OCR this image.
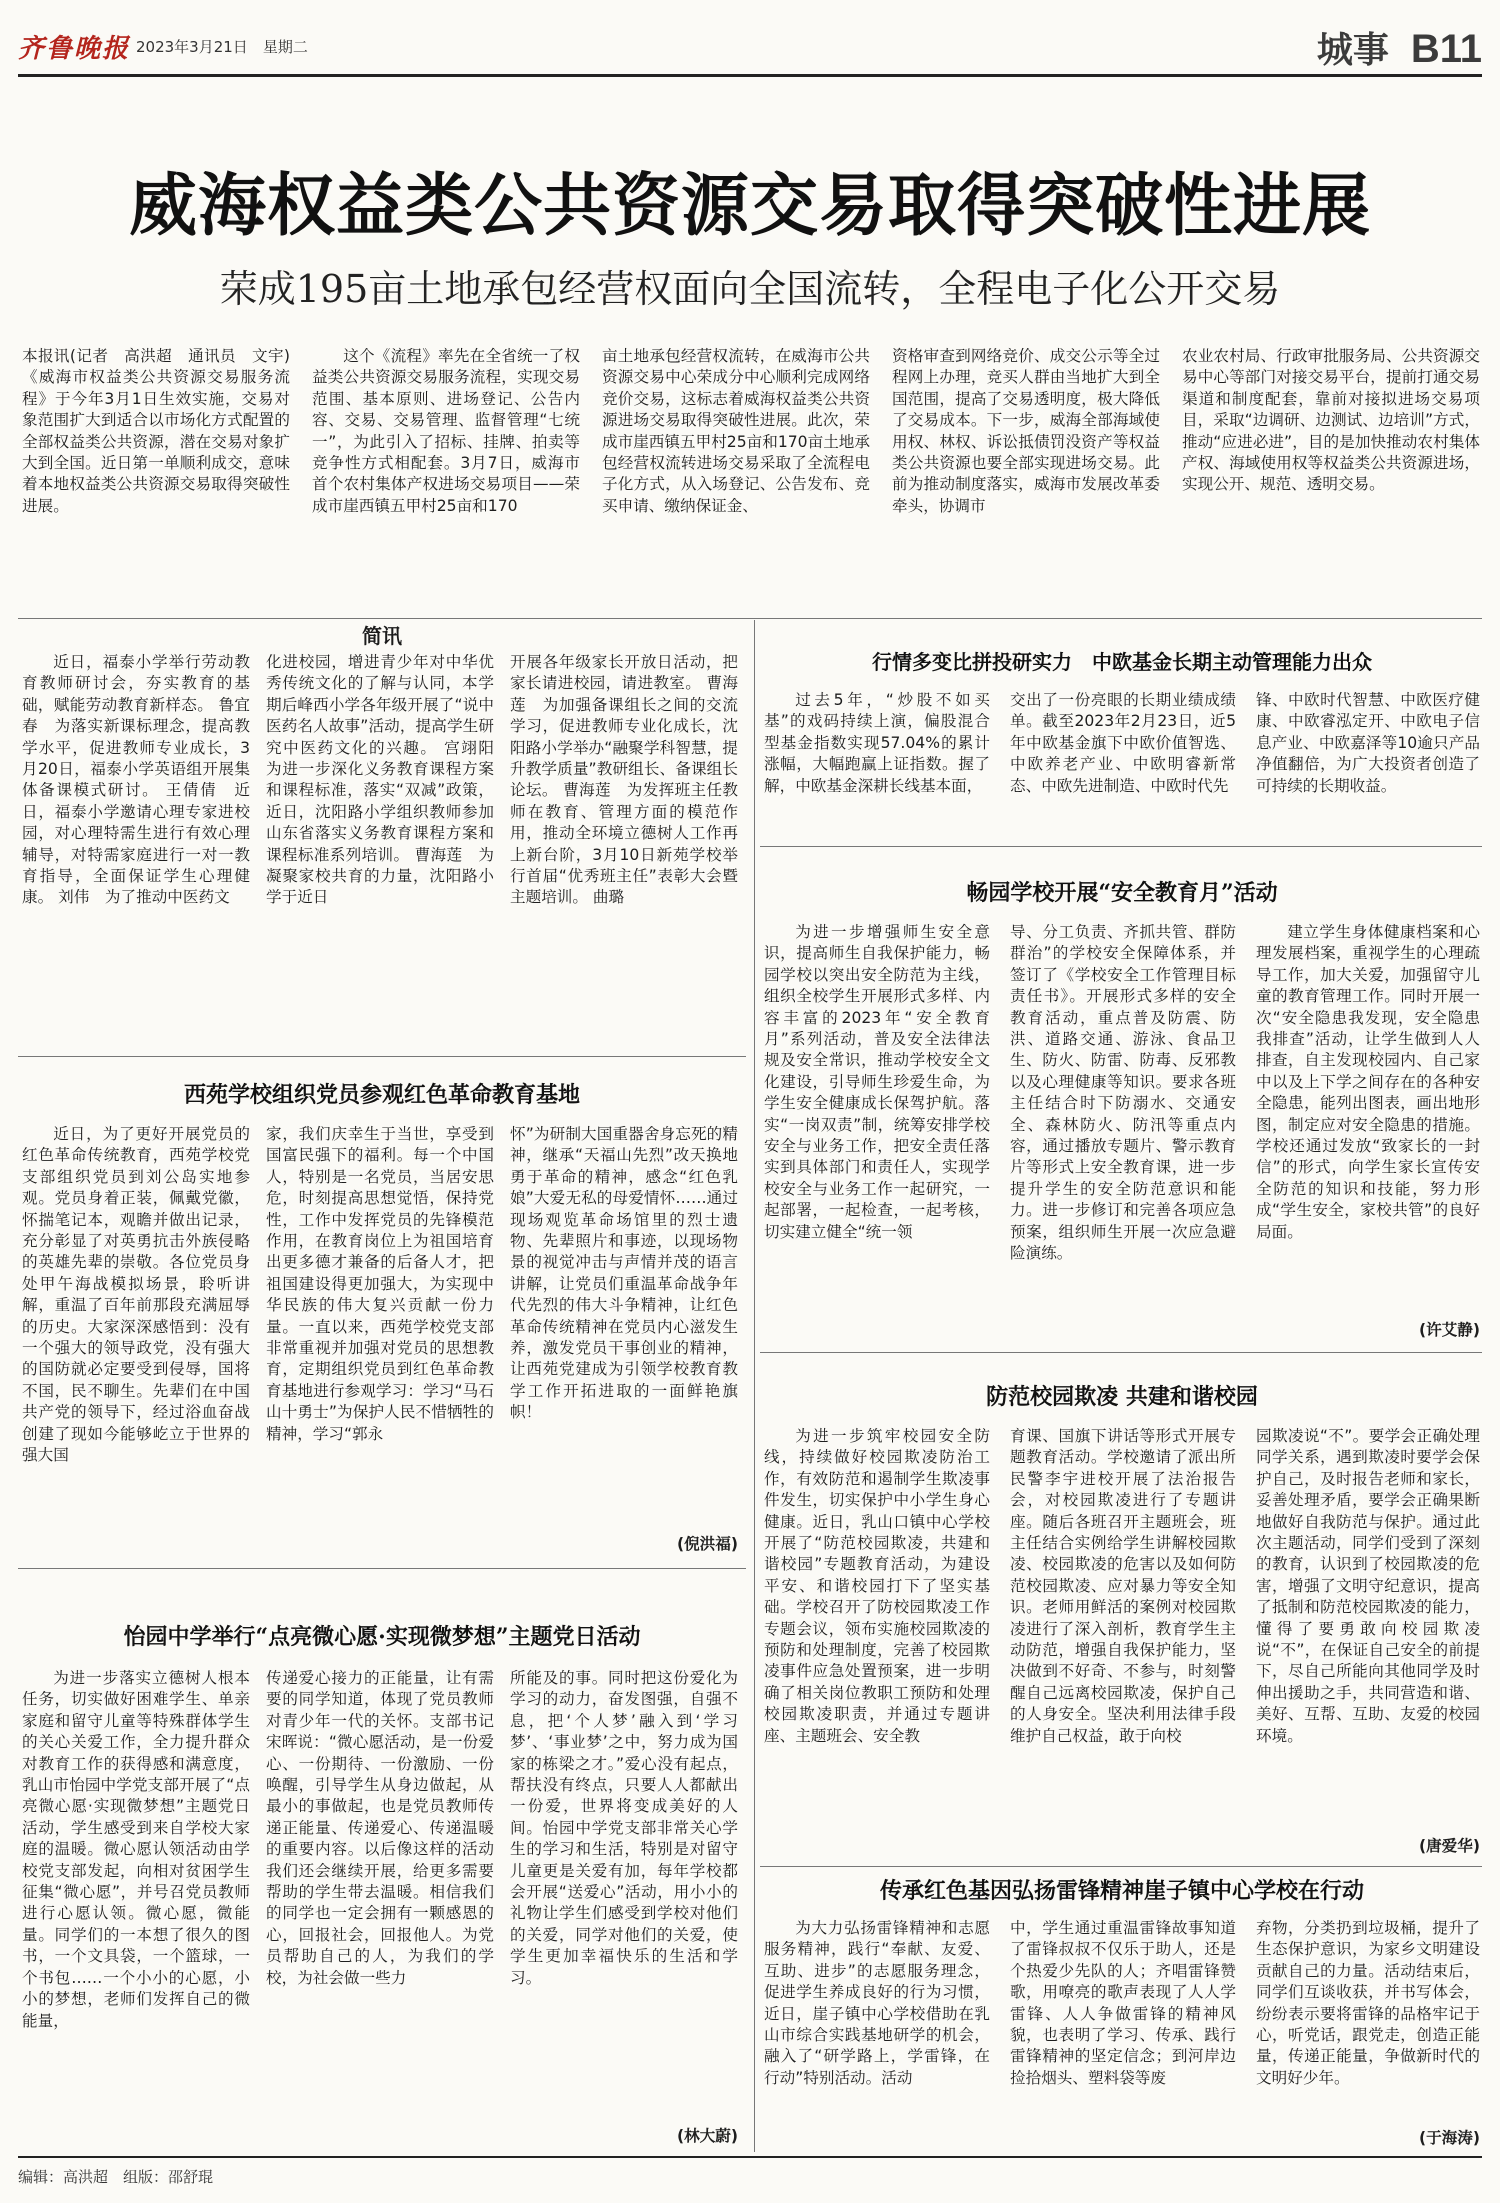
齐鲁晚报 2023年3月21日　 星期二	城事 B11
威海权益类公共资源交易取得突破性进展
荣成195亩土地承包经营权面向全国流转，全程电子化公开交易

本报讯(记者　高洪超　通讯员　文宇)《威海市权益类公共资源交易服务流程》于今年3月1日生效实施，交易对象范围扩大到适合以市场化方式配置的全部权益类公共资源，潜在交易对象扩大到全国。近日第一单顺利成交，意味着本地权益类公共资源交易取得突破性进展。

这个《流程》率先在全省统一了权益类公共资源交易服务流程，实现交易范围、基本原则、进场登记、公告内容、交易、交易管理、监督管理“七统一”，为此引入了招标、挂牌、拍卖等竞争性方式相配套。3月7日，威海市首个农村集体产权进场交易项目——荣成市崖西镇五甲村25亩和170

亩土地承包经营权流转，在威海市公共资源交易中心荣成分中心顺利完成网络竞价交易，这标志着威海权益类公共资源进场交易取得突破性进展。此次，荣成市崖西镇五甲村25亩和170亩土地承包经营权流转进场交易采取了全流程电子化方式，从入场登记、公告发布、竞买申请、缴纳保证金、

资格审查到网络竞价、成交公示等全过程网上办理，竞买人群由当地扩大到全国范围，提高了交易透明度，极大降低了交易成本。下一步，威海全部海域使用权、林权、诉讼抵债罚没资产等权益类公共资源也要全部实现进场交易。此前为推动制度落实，威海市发展改革委牵头，协调市

农业农村局、行政审批服务局、公共资源交易中心等部门对接交易平台，提前打通交易渠道和制度配套，靠前对接拟进场交易项目，采取“边调研、边测试、边培训”方式，推动“应进必进”，目的是加快推动农村集体产权、海域使用权等权益类公共资源进场，实现公开、规范、透明交易。

简讯

近日，福泰小学举行劳动教育教师研讨会，夯实教育的基础，赋能劳动教育新样态。 鲁宜春　为落实新课标理念，提高教学水平，促进教师专业成长，3月20日，福泰小学英语组开展集体备课模式研讨。 王倩倩　近日，福泰小学邀请心理专家进校园，对心理特需生进行有效心理辅导，对特需家庭进行一对一教育指导，全面保证学生心理健康。 刘伟　为了推动中医药文

化进校园，增进青少年对中华优秀传统文化的了解与认同，本学期后峰西小学各年级开展了“说中医药名人故事”活动，提高学生研究中医药文化的兴趣。 宫翊阳　为进一步深化义务教育课程方案和课程标准，落实“双减”政策，近日，沈阳路小学组织教师参加山东省落实义务教育课程方案和课程标准系列培训。 曹海莲　为凝聚家校共育的力量，沈阳路小学于近日

开展各年级家长开放日活动，把家长请进校园，请进教室。 曹海莲　为加强备课组长之间的交流学习，促进教师专业化成长，沈阳路小学举办“融聚学科智慧，提升教学质量”教研组长、备课组长论坛。 曹海莲　为发挥班主任教师在教育、管理方面的模范作用，推动全环境立德树人工作再上新台阶，3月10日新苑学校举行首届“优秀班主任”表彰大会暨主题培训。 曲璐

西苑学校组织党员参观红色革命教育基地

近日，为了更好开展党员的红色革命传统教育，西苑学校党支部组织党员到刘公岛实地参观。党员身着正装，佩戴党徽，怀揣笔记本，观瞻并做出记录，充分彰显了对英勇抗击外族侵略的英雄先辈的崇敬。各位党员身处甲午海战模拟场景，聆听讲解，重温了百年前那段充满屈辱的历史。大家深深感悟到：没有一个强大的领导政党，没有强大的国防就必定要受到侵辱，国将不国，民不聊生。先辈们在中国共产党的领导下，经过浴血奋战创建了现如今能够屹立于世界的强大国

家，我们庆幸生于当世，享受到国富民强下的福利。每一个中国人，特别是一名党员，当居安思危，时刻提高思想觉悟，保持党性，工作中发挥党员的先锋模范作用，在教育岗位上为祖国培育出更多德才兼备的后备人才，把祖国建设得更加强大，为实现中华民族的伟大复兴贡献一份力量。一直以来，西苑学校党支部非常重视并加强对党员的思想教育，定期组织党员到红色革命教育基地进行参观学习：学习“马石山十勇士”为保护人民不惜牺牲的精神，学习“郭永

怀”为研制大国重器舍身忘死的精神，继承“天福山先烈”改天换地勇于革命的精神，感念“红色乳娘”大爱无私的母爱情怀……通过现场观览革命场馆里的烈士遗物、先辈照片和事迹，以现场物景的视觉冲击与声情并茂的语言讲解，让党员们重温革命战争年代先烈的伟大斗争精神，让红色革命传统精神在党员内心滋发生养，激发党员干事创业的精神，让西苑党建成为引领学校教育教学工作开拓进取的一面鲜艳旗帜！

(倪洪福)
怡园中学举行“点亮微心愿·实现微梦想”主题党日活动

为进一步落实立德树人根本任务，切实做好困难学生、单亲家庭和留守儿童等特殊群体学生的关心关爱工作，全力提升群众对教育工作的获得感和满意度，乳山市怡园中学党支部开展了“点亮微心愿·实现微梦想”主题党日活动，学生感受到来自学校大家庭的温暖。微心愿认领活动由学校党支部发起，向相对贫困学生征集“微心愿”，并号召党员教师进行心愿认领。微心愿，微能量。同学们的一本想了很久的图书，一个文具袋，一个篮球，一个书包……一个小小的心愿，小小的梦想，老师们发挥自己的微能量，

传递爱心接力的正能量，让有需要的同学知道，体现了党员教师对青少年一代的关怀。支部书记宋晖说：“微心愿活动，是一份爱心、一份期待、一份激励、一份唤醒，引导学生从身边做起，从最小的事做起，也是党员教师传递正能量、传递爱心、传递温暖的重要内容。以后像这样的活动我们还会继续开展，给更多需要帮助的学生带去温暖。相信我们的同学也一定会拥有一颗感恩的心，回报社会，回报他人。为党员帮助自己的人，为我们的学校，为社会做一些力

所能及的事。同时把这份爱化为学习的动力，奋发图强，自强不息，把‘个人梦’融入到‘学习梦’、‘事业梦’之中，努力成为国家的栋梁之才。”爱心没有起点，帮扶没有终点，只要人人都献出一份爱，世界将变成美好的人间。怡园中学党支部非常关心学生的学习和生活，特别是对留守儿童更是关爱有加，每年学校都会开展“送爱心”活动，用小小的礼物让学生们感受到学校对他们的关爱，同学对他们的关爱，使学生更加幸福快乐的生活和学习。

(林大蔚)
行情多变比拼投研实力　中欧基金长期主动管理能力出众

过去5年，“炒股不如买基”的戏码持续上演，偏股混合型基金指数实现57.04%的累计涨幅，大幅跑赢上证指数。握了解，中欧基金深耕长线基本面，

交出了一份亮眼的长期业绩成绩单。截至2023年2月23日，近5年中欧基金旗下中欧价值智选、中欧养老产业、中欧明睿新常态、中欧先进制造、中欧时代先

锋、中欧时代智慧、中欧医疗健康、中欧睿泓定开、中欧电子信息产业、中欧嘉泽等10逾只产品净值翻倍，为广大投资者创造了可持续的长期收益。

畅园学校开展“安全教育月”活动

为进一步增强师生安全意识，提高师生自我保护能力，畅园学校以突出安全防范为主线，组织全校学生开展形式多样、内容丰富的2023年“安全教育月”系列活动，普及安全法律法规及安全常识，推动学校安全文化建设，引导师生珍爱生命，为学生安全健康成长保驾护航。落实“一岗双责”制，统筹安排学校安全与业务工作，把安全责任落实到具体部门和责任人，实现学校安全与业务工作一起研究，一起部署，一起检查，一起考核，切实建立健全“统一领

导、分工负责、齐抓共管、群防群治”的学校安全保障体系，并签订了《学校安全工作管理目标责任书》。开展形式多样的安全教育活动，重点普及防震、防洪、道路交通、游泳、食品卫生、防火、防雷、防毒、反邪教以及心理健康等知识。要求各班主任结合时下防溺水、交通安全、森林防火、防汛等重点内容，通过播放专题片、警示教育片等形式上安全教育课，进一步提升学生的安全防范意识和能力。进一步修订和完善各项应急预案，组织师生开展一次应急避险演练。

建立学生身体健康档案和心理发展档案，重视学生的心理疏导工作，加大关爱，加强留守儿童的教育管理工作。同时开展一次“安全隐患我发现，安全隐患我排查”活动，让学生做到人人排查，自主发现校园内、自己家中以及上下学之间存在的各种安全隐患，能列出图表，画出地形图，制定应对安全隐患的措施。学校还通过发放“致家长的一封信”的形式，向学生家长宣传安全防范的知识和技能，努力形成“学生安全，家校共管”的良好局面。

(许艾静)
防范校园欺凌 共建和谐校园

为进一步筑牢校园安全防线，持续做好校园欺凌防治工作，有效防范和遏制学生欺凌事件发生，切实保护中小学生身心健康。近日，乳山口镇中心学校开展了“防范校园欺凌，共建和谐校园”专题教育活动，为建设平安、和谐校园打下了坚实基础。学校召开了防校园欺凌工作专题会议，领布实施校园欺凌的预防和处理制度，完善了校园欺凌事件应急处置预案，进一步明确了相关岗位教职工预防和处理校园欺凌职责，并通过专题讲座、主题班会、安全教

育课、国旗下讲话等形式开展专题教育活动。学校邀请了派出所民警李宇进校开展了法治报告会，对校园欺凌进行了专题讲座。随后各班召开主题班会，班主任结合实例给学生讲解校园欺凌、校园欺凌的危害以及如何防范校园欺凌、应对暴力等安全知识。老师用鲜活的案例对校园欺凌进行了深入剖析，教育学生主动防范，增强自我保护能力，坚决做到不好奇、不参与，时刻警醒自己远离校园欺凌，保护自己的人身安全。坚决利用法律手段维护自己权益，敢于向校

园欺凌说“不”。要学会正确处理同学关系，遇到欺凌时要学会保护自己，及时报告老师和家长，妥善处理矛盾，要学会正确果断地做好自我防范与保护。通过此次主题活动，同学们受到了深刻的教育，认识到了校园欺凌的危害，增强了文明守纪意识，提高了抵制和防范校园欺凌的能力，懂得了要勇敢向校园欺凌说“不”，在保证自己安全的前提下，尽自己所能向其他同学及时伸出援助之手，共同营造和谐、美好、互帮、互助、友爱的校园环境。

(唐爱华)
传承红色基因弘扬雷锋精神崖子镇中心学校在行动

为大力弘扬雷锋精神和志愿服务精神，践行“奉献、友爱、互助、进步”的志愿服务理念，促进学生养成良好的行为习惯，近日，崖子镇中心学校借助在乳山市综合实践基地研学的机会，融入了“研学路上，学雷锋，在行动”特别活动。活动

中，学生通过重温雷锋故事知道了雷锋叔叔不仅乐于助人，还是个热爱少先队的人；齐唱雷锋赞歌，用嘹亮的歌声表现了人人学雷锋、人人争做雷锋的精神风貌，也表明了学习、传承、践行雷锋精神的坚定信念；到河岸边捡拾烟头、塑料袋等废

弃物，分类扔到垃圾桶，提升了生态保护意识，为家乡文明建设贡献自己的力量。活动结束后，同学们互谈收获，并书写体会，纷纷表示要将雷锋的品格牢记于心，听党话，跟党走，创造正能量，传递正能量，争做新时代的文明好少年。

(于海涛)
编辑：高洪超　组版：邵舒琨
